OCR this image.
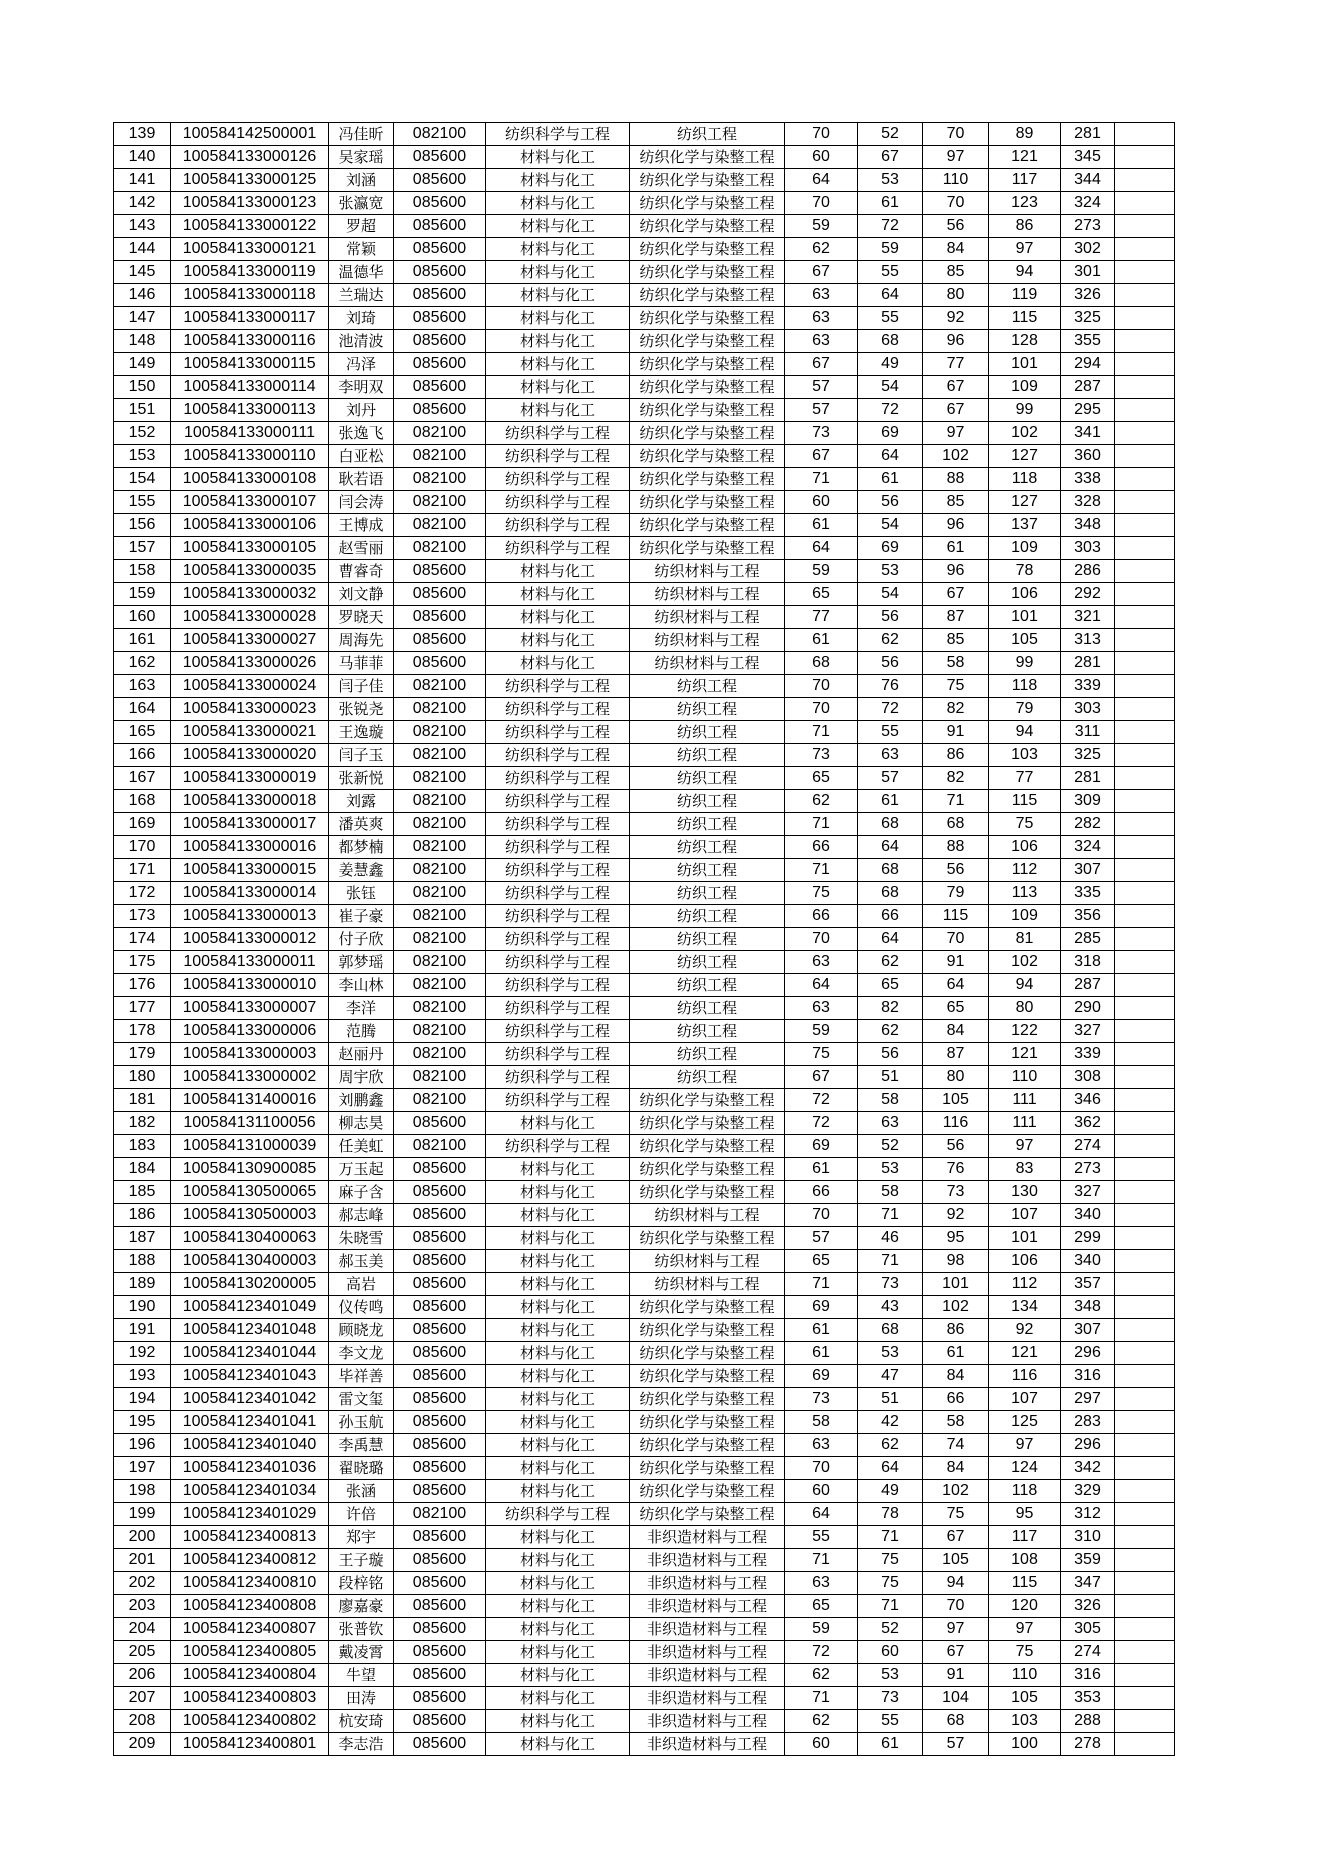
139	100584142500001	冯佳昕	082100	纺织科学与工程	纺织工程	70	52	70	89	281	
140	100584133000126	吴家瑶	085600	材料与化工	纺织化学与染整工程	60	67	97	121	345	
141	100584133000125	刘涵	085600	材料与化工	纺织化学与染整工程	64	53	110	117	344	
142	100584133000123	张瀛宽	085600	材料与化工	纺织化学与染整工程	70	61	70	123	324	
143	100584133000122	罗超	085600	材料与化工	纺织化学与染整工程	59	72	56	86	273	
144	100584133000121	常颖	085600	材料与化工	纺织化学与染整工程	62	59	84	97	302	
145	100584133000119	温德华	085600	材料与化工	纺织化学与染整工程	67	55	85	94	301	
146	100584133000118	兰瑞达	085600	材料与化工	纺织化学与染整工程	63	64	80	119	326	
147	100584133000117	刘琦	085600	材料与化工	纺织化学与染整工程	63	55	92	115	325	
148	100584133000116	池清波	085600	材料与化工	纺织化学与染整工程	63	68	96	128	355	
149	100584133000115	冯泽	085600	材料与化工	纺织化学与染整工程	67	49	77	101	294	
150	100584133000114	李明双	085600	材料与化工	纺织化学与染整工程	57	54	67	109	287	
151	100584133000113	刘丹	085600	材料与化工	纺织化学与染整工程	57	72	67	99	295	
152	100584133000111	张逸飞	082100	纺织科学与工程	纺织化学与染整工程	73	69	97	102	341	
153	100584133000110	白亚松	082100	纺织科学与工程	纺织化学与染整工程	67	64	102	127	360	
154	100584133000108	耿若语	082100	纺织科学与工程	纺织化学与染整工程	71	61	88	118	338	
155	100584133000107	闫会涛	082100	纺织科学与工程	纺织化学与染整工程	60	56	85	127	328	
156	100584133000106	王博成	082100	纺织科学与工程	纺织化学与染整工程	61	54	96	137	348	
157	100584133000105	赵雪丽	082100	纺织科学与工程	纺织化学与染整工程	64	69	61	109	303	
158	100584133000035	曹睿奇	085600	材料与化工	纺织材料与工程	59	53	96	78	286	
159	100584133000032	刘文静	085600	材料与化工	纺织材料与工程	65	54	67	106	292	
160	100584133000028	罗晓天	085600	材料与化工	纺织材料与工程	77	56	87	101	321	
161	100584133000027	周海先	085600	材料与化工	纺织材料与工程	61	62	85	105	313	
162	100584133000026	马菲菲	085600	材料与化工	纺织材料与工程	68	56	58	99	281	
163	100584133000024	闫子佳	082100	纺织科学与工程	纺织工程	70	76	75	118	339	
164	100584133000023	张锐尧	082100	纺织科学与工程	纺织工程	70	72	82	79	303	
165	100584133000021	王逸璇	082100	纺织科学与工程	纺织工程	71	55	91	94	311	
166	100584133000020	闫子玉	082100	纺织科学与工程	纺织工程	73	63	86	103	325	
167	100584133000019	张新悦	082100	纺织科学与工程	纺织工程	65	57	82	77	281	
168	100584133000018	刘露	082100	纺织科学与工程	纺织工程	62	61	71	115	309	
169	100584133000017	潘英爽	082100	纺织科学与工程	纺织工程	71	68	68	75	282	
170	100584133000016	都梦楠	082100	纺织科学与工程	纺织工程	66	64	88	106	324	
171	100584133000015	姜慧鑫	082100	纺织科学与工程	纺织工程	71	68	56	112	307	
172	100584133000014	张钰	082100	纺织科学与工程	纺织工程	75	68	79	113	335	
173	100584133000013	崔子豪	082100	纺织科学与工程	纺织工程	66	66	115	109	356	
174	100584133000012	付子欣	082100	纺织科学与工程	纺织工程	70	64	70	81	285	
175	100584133000011	郭梦瑶	082100	纺织科学与工程	纺织工程	63	62	91	102	318	
176	100584133000010	李山林	082100	纺织科学与工程	纺织工程	64	65	64	94	287	
177	100584133000007	李洋	082100	纺织科学与工程	纺织工程	63	82	65	80	290	
178	100584133000006	范腾	082100	纺织科学与工程	纺织工程	59	62	84	122	327	
179	100584133000003	赵丽丹	082100	纺织科学与工程	纺织工程	75	56	87	121	339	
180	100584133000002	周宇欣	082100	纺织科学与工程	纺织工程	67	51	80	110	308	
181	100584131400016	刘鹏鑫	082100	纺织科学与工程	纺织化学与染整工程	72	58	105	111	346	
182	100584131100056	柳志昊	085600	材料与化工	纺织化学与染整工程	72	63	116	111	362	
183	100584131000039	任美虹	082100	纺织科学与工程	纺织化学与染整工程	69	52	56	97	274	
184	100584130900085	万玉起	085600	材料与化工	纺织化学与染整工程	61	53	76	83	273	
185	100584130500065	麻子含	085600	材料与化工	纺织化学与染整工程	66	58	73	130	327	
186	100584130500003	郝志峰	085600	材料与化工	纺织材料与工程	70	71	92	107	340	
187	100584130400063	朱晓雪	085600	材料与化工	纺织化学与染整工程	57	46	95	101	299	
188	100584130400003	郝玉美	085600	材料与化工	纺织材料与工程	65	71	98	106	340	
189	100584130200005	高岩	085600	材料与化工	纺织材料与工程	71	73	101	112	357	
190	100584123401049	仪传鸣	085600	材料与化工	纺织化学与染整工程	69	43	102	134	348	
191	100584123401048	顾晓龙	085600	材料与化工	纺织化学与染整工程	61	68	86	92	307	
192	100584123401044	李文龙	085600	材料与化工	纺织化学与染整工程	61	53	61	121	296	
193	100584123401043	毕祥善	085600	材料与化工	纺织化学与染整工程	69	47	84	116	316	
194	100584123401042	雷文玺	085600	材料与化工	纺织化学与染整工程	73	51	66	107	297	
195	100584123401041	孙玉航	085600	材料与化工	纺织化学与染整工程	58	42	58	125	283	
196	100584123401040	李禹慧	085600	材料与化工	纺织化学与染整工程	63	62	74	97	296	
197	100584123401036	翟晓璐	085600	材料与化工	纺织化学与染整工程	70	64	84	124	342	
198	100584123401034	张涵	085600	材料与化工	纺织化学与染整工程	60	49	102	118	329	
199	100584123401029	许倍	082100	纺织科学与工程	纺织化学与染整工程	64	78	75	95	312	
200	100584123400813	郑宇	085600	材料与化工	非织造材料与工程	55	71	67	117	310	
201	100584123400812	王子璇	085600	材料与化工	非织造材料与工程	71	75	105	108	359	
202	100584123400810	段梓铭	085600	材料与化工	非织造材料与工程	63	75	94	115	347	
203	100584123400808	廖嘉豪	085600	材料与化工	非织造材料与工程	65	71	70	120	326	
204	100584123400807	张普钦	085600	材料与化工	非织造材料与工程	59	52	97	97	305	
205	100584123400805	戴凌霄	085600	材料与化工	非织造材料与工程	72	60	67	75	274	
206	100584123400804	牛望	085600	材料与化工	非织造材料与工程	62	53	91	110	316	
207	100584123400803	田涛	085600	材料与化工	非织造材料与工程	71	73	104	105	353	
208	100584123400802	杭安琦	085600	材料与化工	非织造材料与工程	62	55	68	103	288	
209	100584123400801	李志浩	085600	材料与化工	非织造材料与工程	60	61	57	100	278	
